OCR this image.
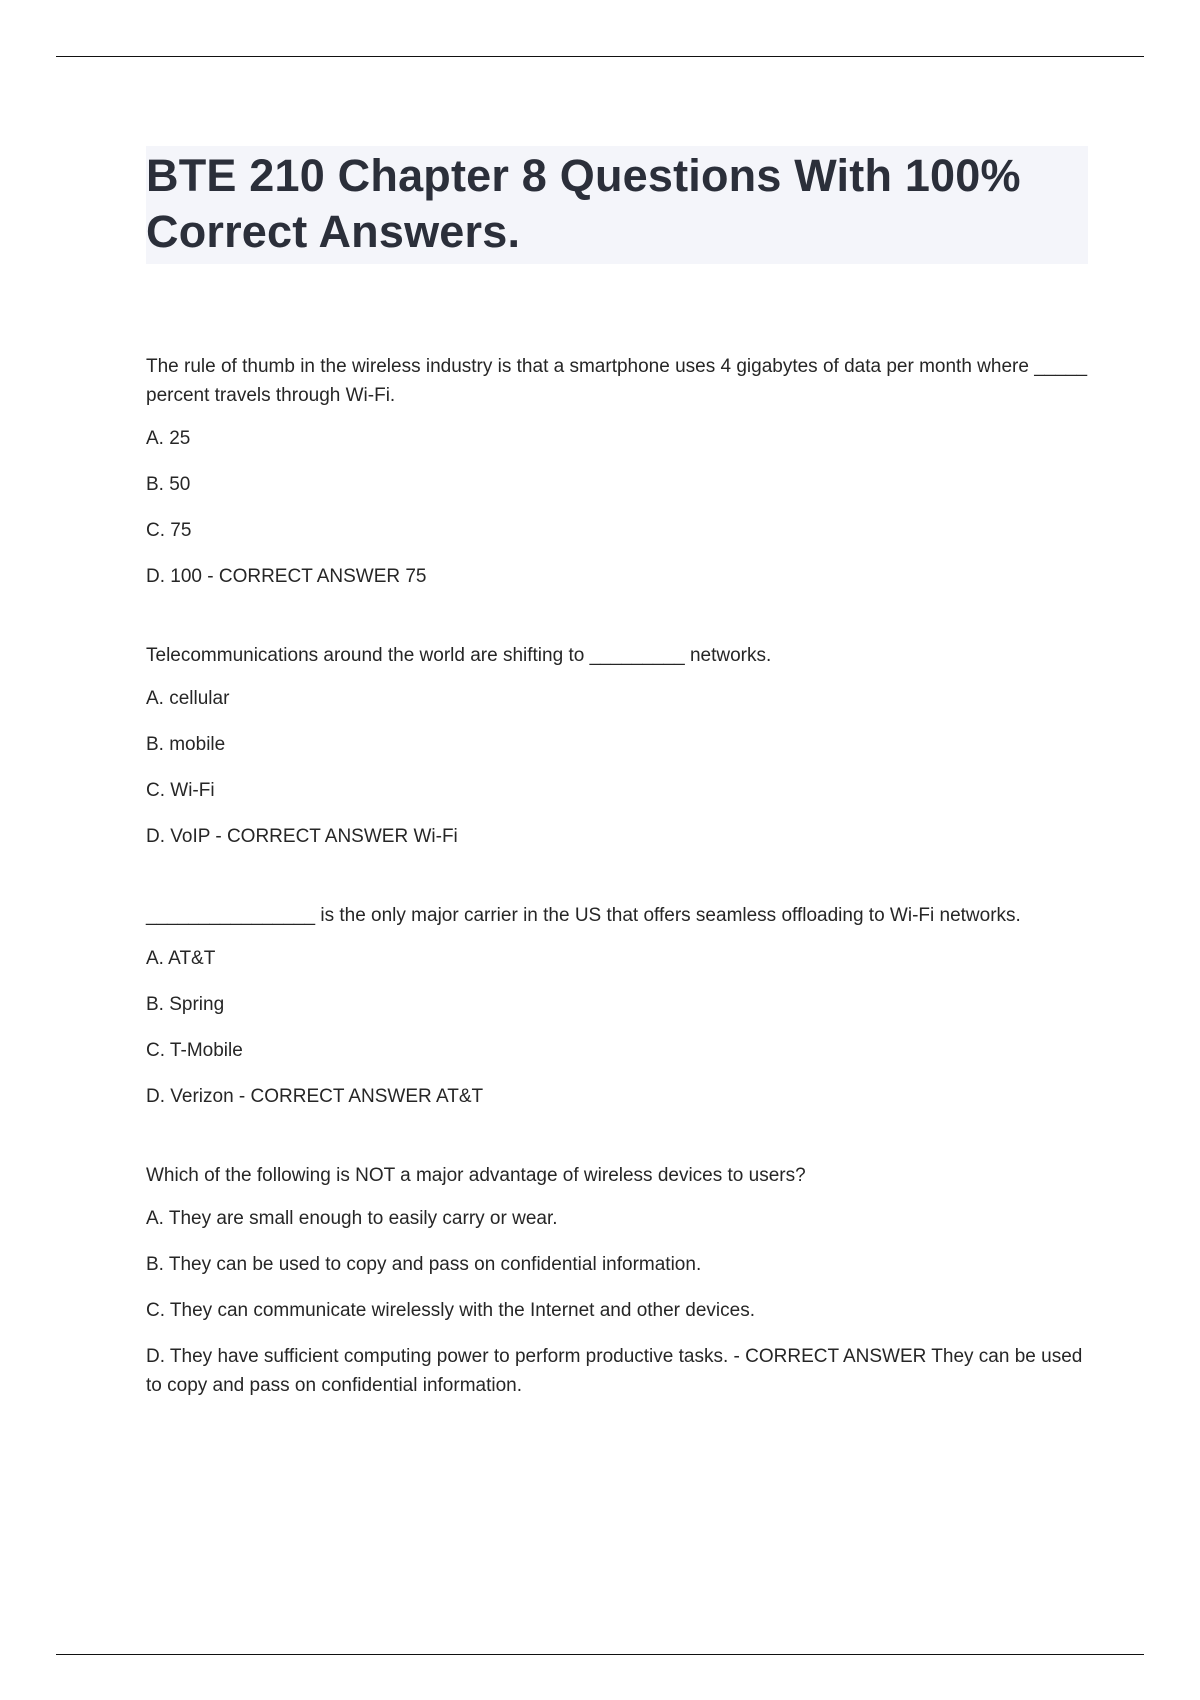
BTE 210 Chapter 8 Questions With 100% Correct Answers.

The rule of thumb in the wireless industry is that a smartphone uses 4 gigabytes of data per month where _____ percent travels through Wi-Fi.

A. 25

B. 50

C. 75

D. 100 - CORRECT ANSWER 75

Telecommunications around the world are shifting to _________ networks.

A. cellular

B. mobile

C. Wi-Fi

D. VoIP - CORRECT ANSWER Wi-Fi

________________ is the only major carrier in the US that offers seamless offloading to Wi-Fi networks.

A. AT&T

B. Spring

C. T-Mobile

D. Verizon - CORRECT ANSWER AT&T

Which of the following is NOT a major advantage of wireless devices to users?

A. They are small enough to easily carry or wear.

B. They can be used to copy and pass on confidential information.

C. They can communicate wirelessly with the Internet and other devices.

D. They have sufficient computing power to perform productive tasks. - CORRECT ANSWER They can be used to copy and pass on confidential information.
